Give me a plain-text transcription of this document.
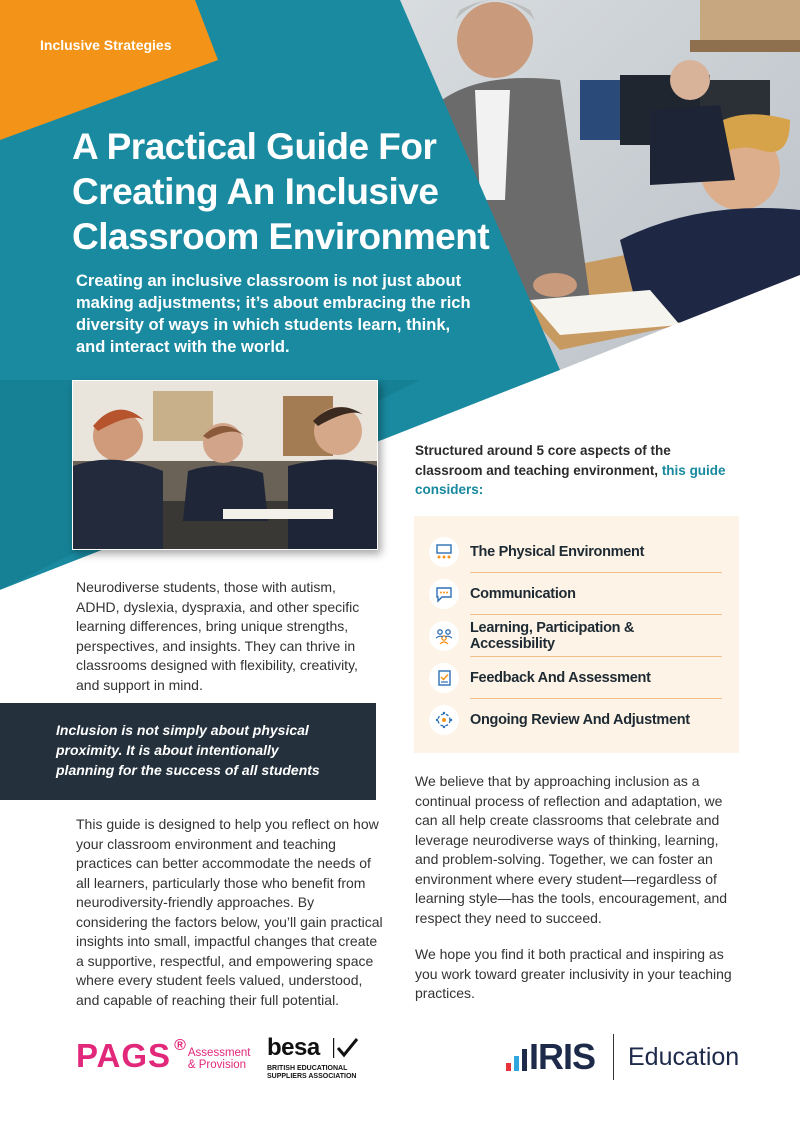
Inclusive Strategies
A Practical Guide For
Creating An Inclusive
Classroom Environment

Creating an inclusive classroom is not just about making adjustments; it’s about embracing the rich diversity of ways in which students learn, think, and interact with the world.

Neurodiverse students, those with autism, ADHD, dyslexia, dyspraxia, and other specific learning differences, bring unique strengths, perspectives, and insights. They can thrive in classrooms designed with flexibility, creativity, and support in mind.

Inclusion is not simply about physical proximity. It is about intentionally planning for the success of all students

This guide is designed to help you reflect on how your classroom environment and teaching practices can better accommodate the needs of all learners, particularly those who benefit from neurodiversity-friendly approaches. By considering the factors below, you’ll gain practical insights into small, impactful changes that create a supportive, respectful, and empowering space where every student feels valued, understood, and capable of reaching their full potential.

Structured around 5 core aspects of the classroom and teaching environment, this guide considers:

The Physical Environment
Communication
Learning, Participation & Accessibility
Feedback And Assessment
Ongoing Review And Adjustment

We believe that by approaching inclusion as a continual process of reflection and adaptation, we can all help create classrooms that celebrate and leverage neurodiverse ways of thinking, learning, and problem-solving. Together, we can foster an environment where every student—regardless of learning style—has the tools, encouragement, and respect they need to succeed.

We hope you find it both practical and inspiring as you work toward greater inclusivity in your teaching practices.

PAGS ® Assessment
& Provision
besa
BRITISH EDUCATIONAL SUPPLIERS ASSOCIATION	IRIS Education
